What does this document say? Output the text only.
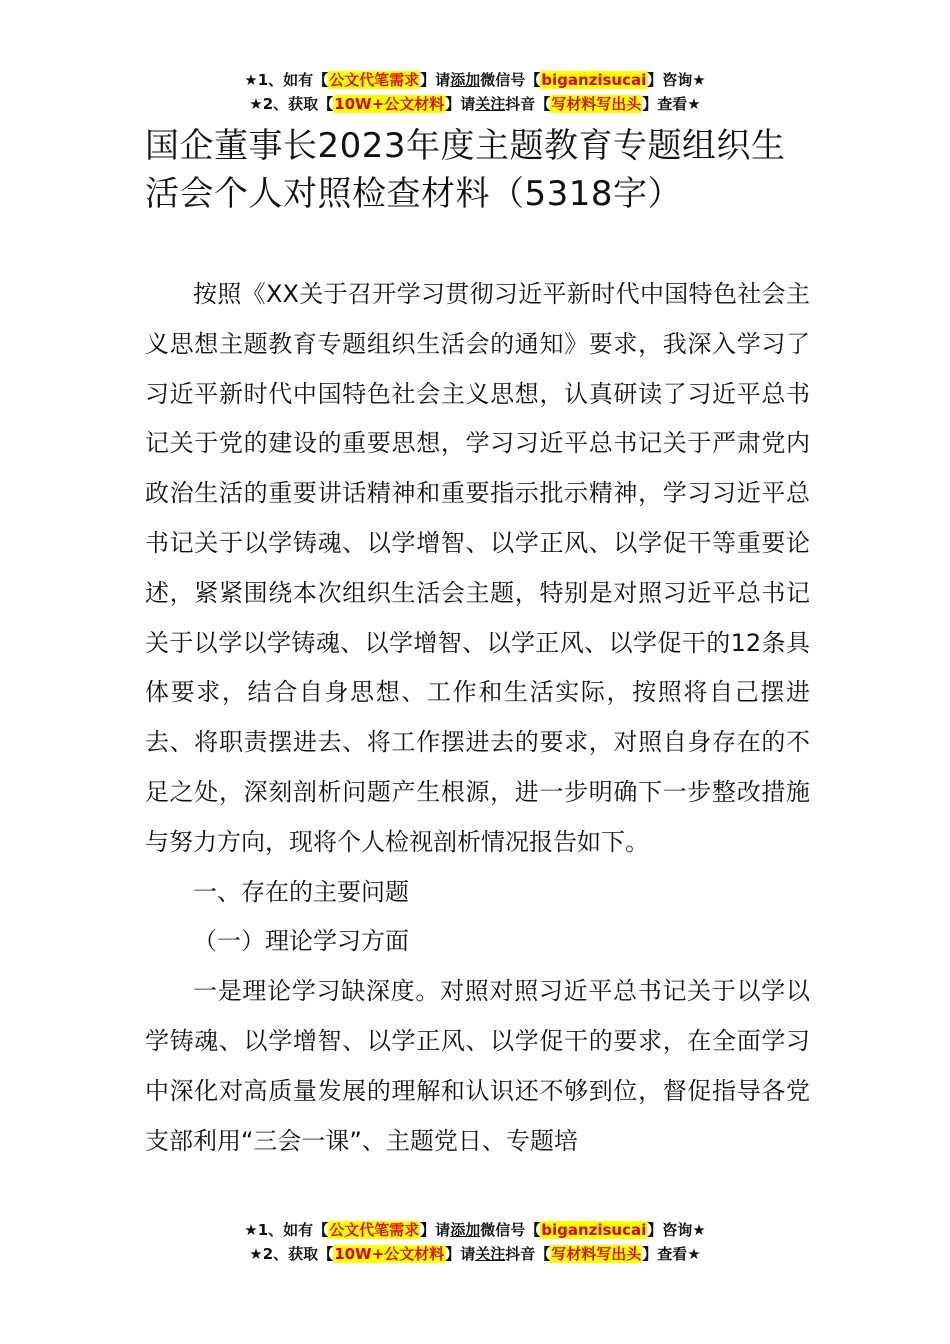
★1、如有【公文代笔需求】请添加微信号【biganzisucai】咨询★
★2、获取【10W+公文材料】请关注抖音【写材料写出头】查看★
国企董事长2023年度主题教育专题组织生活会个人对照检查材料（5318字）

按照《XX关于召开学习贯彻习近平新时代中国特色社会主义思想主题教育专题组织生活会的通知》要求，我深入学习了习近平新时代中国特色社会主义思想，认真研读了习近平总书记关于党的建设的重要思想，学习习近平总书记关于严肃党内政治生活的重要讲话精神和重要指示批示精神，学习习近平总书记关于以学铸魂、以学增智、以学正风、以学促干等重要论述，紧紧围绕本次组织生活会主题，特别是对照习近平总书记关于以学以学铸魂、以学增智、以学正风、以学促干的12条具体要求，结合自身思想、工作和生活实际，按照将自己摆进去、将职责摆进去、将工作摆进去的要求，对照自身存在的不足之处，深刻剖析问题产生根源，进一步明确下一步整改措施与努力方向，现将个人检视剖析情况报告如下。

一、存在的主要问题

（一）理论学习方面

一是理论学习缺深度。对照对照习近平总书记关于以学以学铸魂、以学增智、以学正风、以学促干的要求，在全面学习中深化对高质量发展的理解和认识还不够到位，督促指导各党支部利用“三会一课”、主题党日、专题培

★1、如有【公文代笔需求】请添加微信号【biganzisucai】咨询★
★2、获取【10W+公文材料】请关注抖音【写材料写出头】查看★
